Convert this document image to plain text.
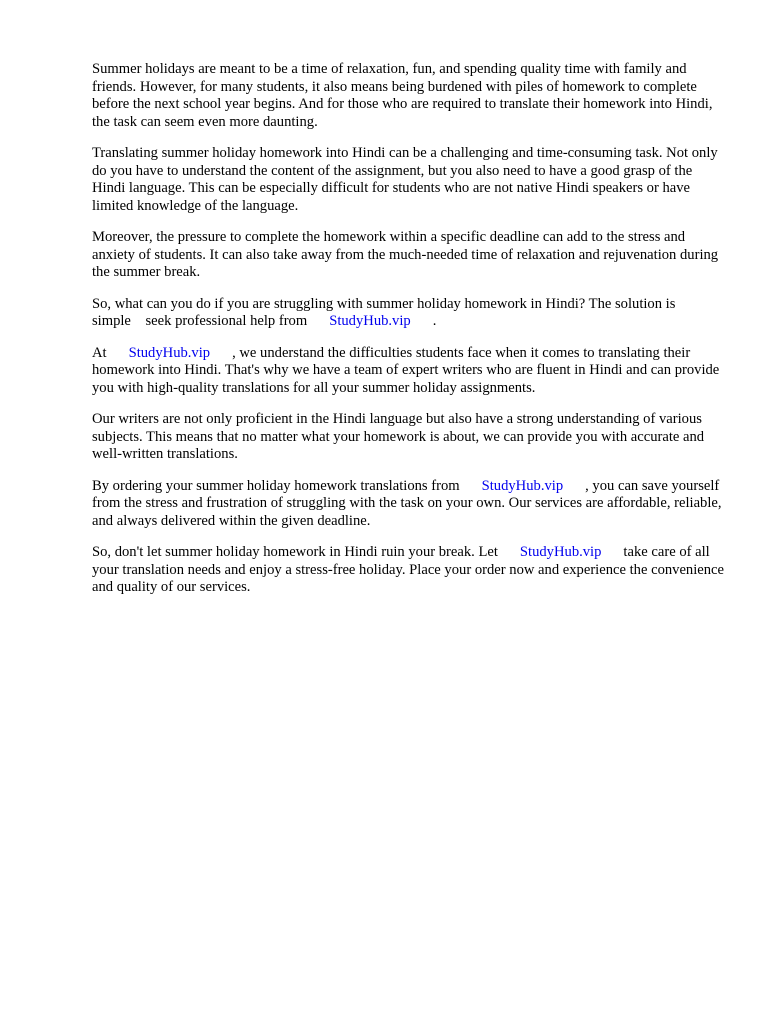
Summer holidays are meant to be a time of relaxation, fun, and spending quality time with family and friends. However, for many students, it also means being burdened with piles of homework to complete before the next school year begins. And for those who are required to translate their homework into Hindi, the task can seem even more daunting.

Translating summer holiday homework into Hindi can be a challenging and time-consuming task. Not only do you have to understand the content of the assignment, but you also need to have a good grasp of the Hindi language. This can be especially difficult for students who are not native Hindi speakers or have limited knowledge of the language.

Moreover, the pressure to complete the homework within a specific deadline can add to the stress and anxiety of students. It can also take away from the much-needed time of relaxation and rejuvenation during the summer break.

So, what can you do if you are struggling with summer holiday homework in Hindi? The solution is simple    seek professional help from StudyHub.vip .

At StudyHub.vip , we understand the difficulties students face when it comes to translating their homework into Hindi. That's why we have a team of expert writers who are fluent in Hindi and can provide you with high-quality translations for all your summer holiday assignments.

Our writers are not only proficient in the Hindi language but also have a strong understanding of various subjects. This means that no matter what your homework is about, we can provide you with accurate and well-written translations.

By ordering your summer holiday homework translations from StudyHub.vip , you can save yourself from the stress and frustration of struggling with the task on your own. Our services are affordable, reliable, and always delivered within the given deadline.

So, don't let summer holiday homework in Hindi ruin your break. Let StudyHub.vip take care of all your translation needs and enjoy a stress-free holiday. Place your order now and experience the convenience and quality of our services.
